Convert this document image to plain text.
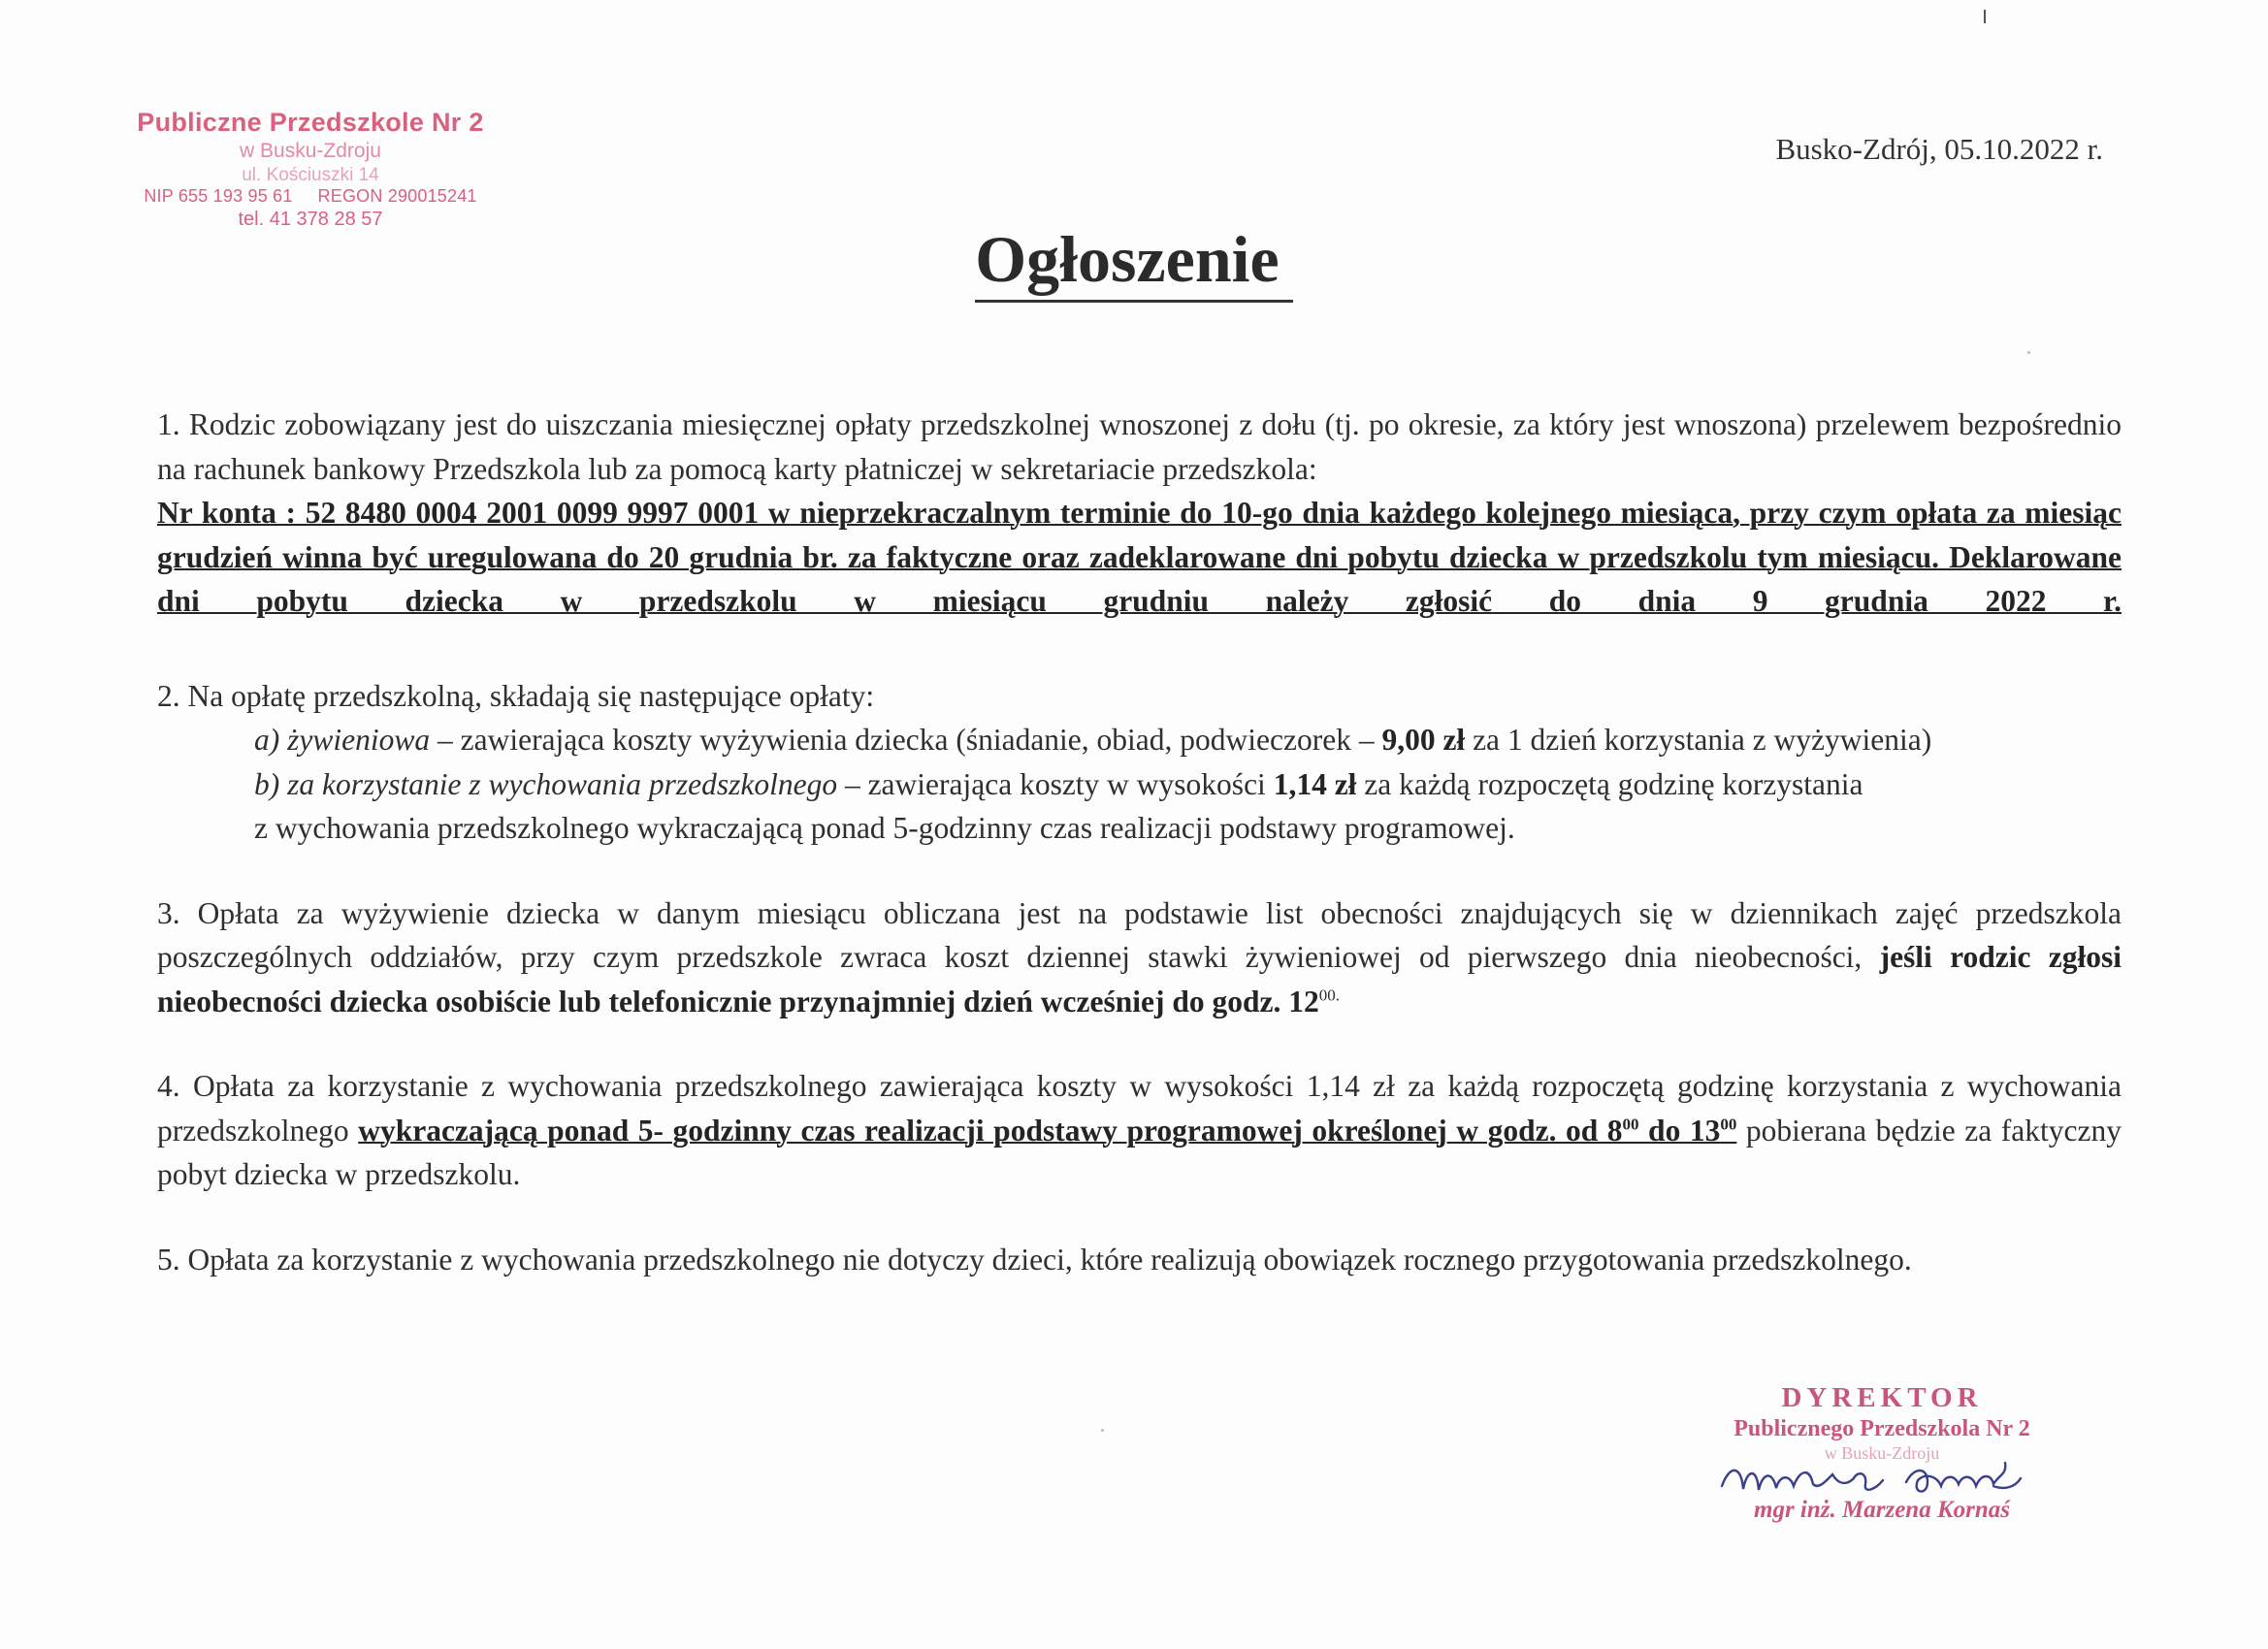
Publiczne Przedszkole Nr 2
w Busku-Zdroju
ul. Kościuszki 14
NIP 655 193 95 61     REGON 290015241
tel. 41 378 28 57
Busko-Zdrój, 05.10.2022 r.
Ogłoszenie
1. Rodzic zobowiązany jest do uiszczania miesięcznej opłaty przedszkolnej wnoszonej z dołu (tj. po okresie, za który jest wnoszona) przelewem bezpośrednio na rachunek bankowy Przedszkola lub za pomocą karty płatniczej w sekretariacie przedszkola:
Nr konta : 52 8480 0004 2001 0099 9997 0001 w nieprzekraczalnym terminie do 10-go dnia każdego kolejnego miesiąca, przy czym opłata za miesiąc grudzień winna być uregulowana do 20 grudnia br. za faktyczne oraz zadeklarowane dni pobytu dziecka w przedszkolu tym miesiącu. Deklarowane dni pobytu dziecka w przedszkolu w miesiącu grudniu należy zgłosić do dnia 9 grudnia 2022 r.
2. Na opłatę przedszkolną, składają się następujące opłaty:
a) żywieniowa – zawierająca koszty wyżywienia dziecka (śniadanie, obiad, podwieczorek – 9,00 zł za 1 dzień korzystania z wyżywienia)
b) za korzystanie z wychowania przedszkolnego – zawierająca koszty w wysokości 1,14 zł za każdą rozpoczętą godzinę korzystania
z wychowania przedszkolnego wykraczającą ponad 5-godzinny czas realizacji podstawy programowej.
3. Opłata za wyżywienie dziecka w danym miesiącu obliczana jest na podstawie list obecności znajdujących się w dziennikach zajęć przedszkola poszczególnych oddziałów, przy czym przedszkole zwraca koszt dziennej stawki żywieniowej od pierwszego dnia nieobecności, jeśli rodzic zgłosi nieobecności dziecka osobiście lub telefonicznie przynajmniej dzień wcześniej do godz. $12^{00.}$
4. Opłata za korzystanie z wychowania przedszkolnego zawierająca koszty w wysokości 1,14 zł za każdą rozpoczętą godzinę korzystania z wychowania przedszkolnego wykraczającą ponad 5- godzinny czas realizacji podstawy programowej określonej w godz. od $8^{00}$ do $13^{00}$ pobierana będzie za faktyczny pobyt dziecka w przedszkolu.
5. Opłata za korzystanie z wychowania przedszkolnego nie dotyczy dzieci, które realizują obowiązek rocznego przygotowania przedszkolnego.
DYREKTOR
Publicznego Przedszkola Nr 2
w Busku-Zdroju
mgr inż. Marzena Kornaś
